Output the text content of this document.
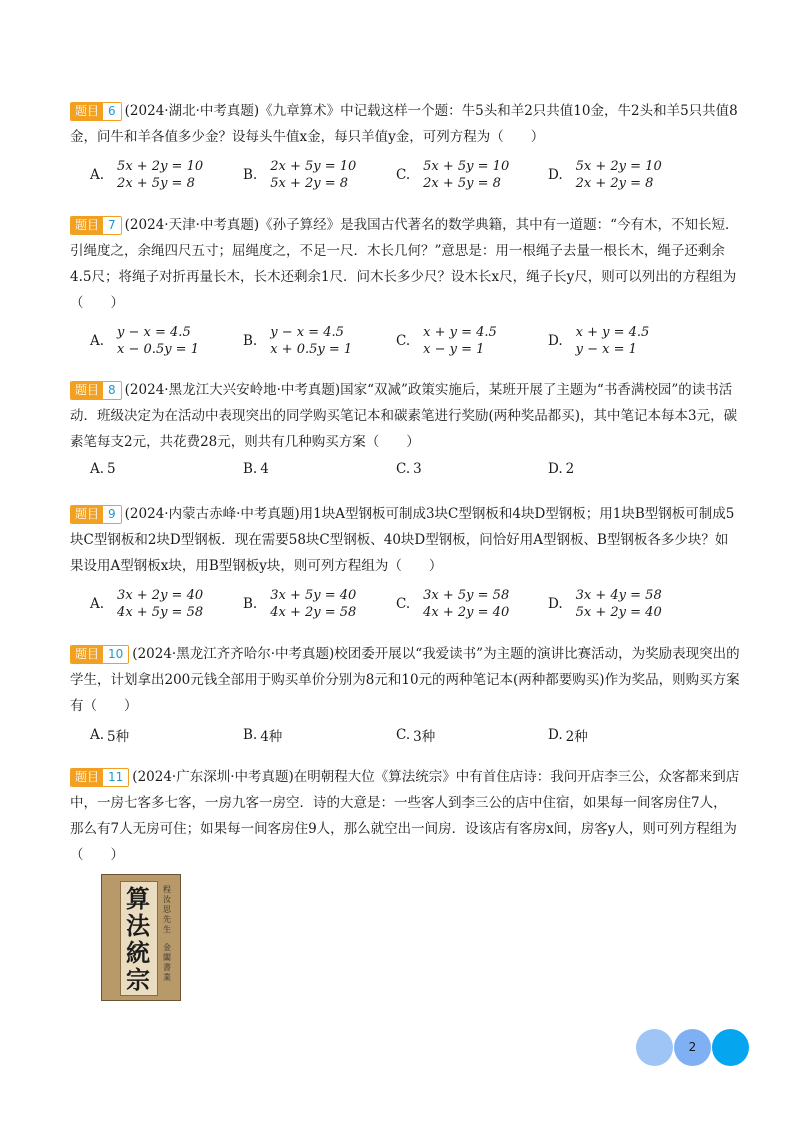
题目 6 (2024·湖北·中考真题)《九章算术》中记载这样一个题：牛5头和羊2只共值10金，牛2头和羊5只共值8金，问牛和羊各值多少金？设每头牛值x金，每只羊值y金，可列方程为（　　）

A.
5x + 2y = 10
2x + 5y = 8
B.
2x + 5y = 10
5x + 2y = 8
C.
5x + 5y = 10
2x + 5y = 8
D.
5x + 2y = 10
2x + 2y = 8

题目 7 (2024·天津·中考真题)《孙子算经》是我国古代著名的数学典籍，其中有一道题：“今有木，不知长短．引绳度之，余绳四尺五寸；屈绳度之，不足一尺．木长几何？”意思是：用一根绳子去量一根长木，绳子还剩余4.5尺；将绳子对折再量长木，长木还剩余1尺．问木长多少尺？设木长x尺，绳子长y尺，则可以列出的方程组为（　　）

A.
y − x = 4.5
x − 0.5y = 1
B.
y − x = 4.5
x + 0.5y = 1
C.
x + y = 4.5
x − y = 1
D.
x + y = 4.5
y − x = 1

题目 8 (2024·黑龙江大兴安岭地·中考真题)国家“双减”政策实施后，某班开展了主题为“书香满校园”的读书活动．班级决定为在活动中表现突出的同学购买笔记本和碳素笔进行奖励(两种奖品都买)，其中笔记本每本3元，碳素笔每支2元，共花费28元，则共有几种购买方案（　　）

A. 5	B. 4	C. 3	D. 2

题目 9 (2024·内蒙古赤峰·中考真题)用1块A型钢板可制成3块C型钢板和4块D型钢板；用1块B型钢板可制成5块C型钢板和2块D型钢板．现在需要58块C型钢板、40块D型钢板，问恰好用A型钢板、B型钢板各多少块？如果设用A型钢板x块，用B型钢板y块，则可列方程组为（　　）

A.
3x + 2y = 40
4x + 5y = 58
B.
3x + 5y = 40
4x + 2y = 58
C.
3x + 5y = 58
4x + 2y = 40
D.
3x + 4y = 58
5x + 2y = 40

题目 10 (2024·黑龙江齐齐哈尔·中考真题)校团委开展以“我爱读书”为主题的演讲比赛活动，为奖励表现突出的学生，计划拿出200元钱全部用于购买单价分别为8元和10元的两种笔记本(两种都要购买)作为奖品，则购买方案有（　　）

A. 5种	B. 4种	C. 3种	D. 2种

题目 11 (2024·广东深圳·中考真题)在明朝程大位《算法统宗》中有首住店诗：我问开店李三公，众客都来到店中，一房七客多七客，一房九客一房空．诗的大意是：一些客人到李三公的店中住宿，如果每一间客房住7人，那么有7人无房可住；如果每一间客房住9人，那么就空出一间房．设该店有客房x间，房客y人，则可列方程组为（　　）

算法統宗
程汝思先生
金闆書業
2
